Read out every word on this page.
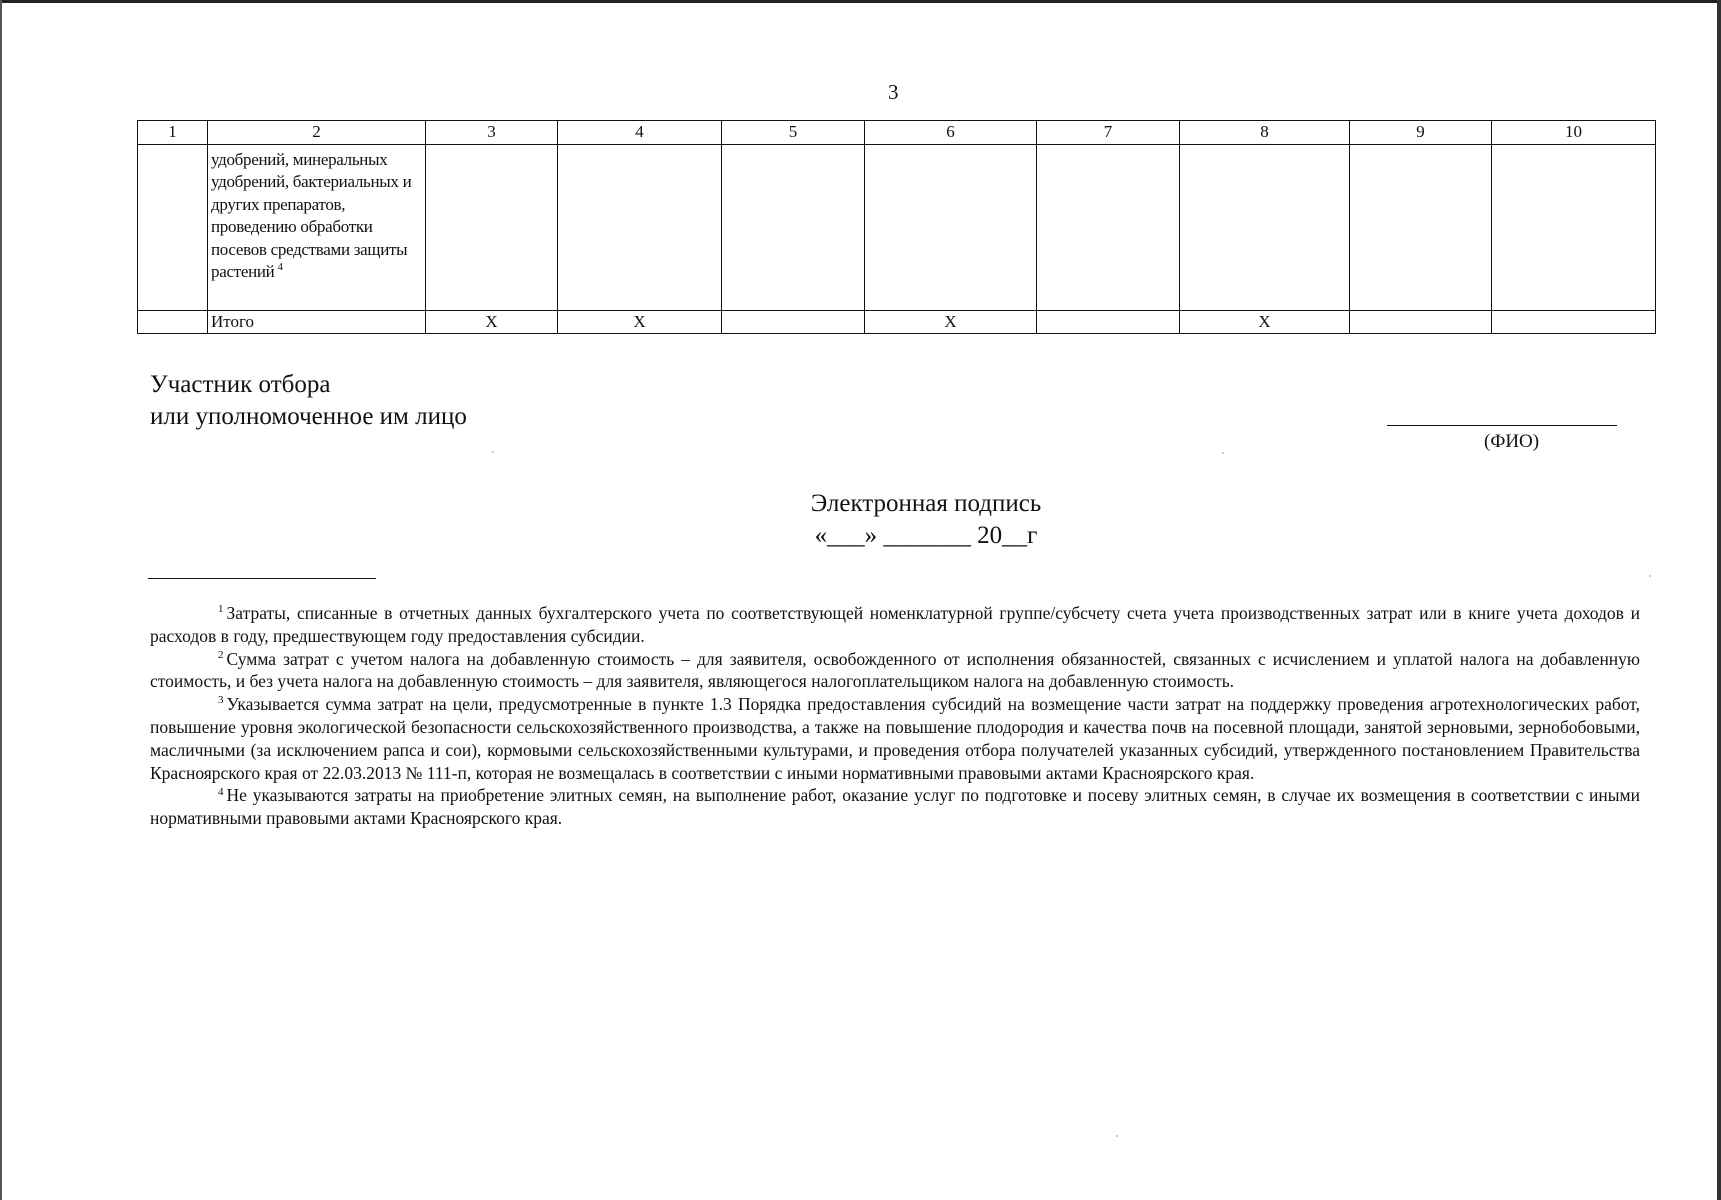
3
1	2	3	4	5	6	7	8	9	10
	удобрений, минеральных удобрений, бактериальных и других препаратов, проведению обработки посевов средствами защиты растений $^4$								
	Итого	X	X		X		X		
Участник отбора
или уполномоченное им лицо
(ФИО)
Электронная подпись
«___» _______ 20__г

$^1$ Затраты, списанные в отчетных данных бухгалтерского учета по соответствующей номенклатурной группе/субсчету счета учета производственных затрат или в книге учета доходов и расходов в году, предшествующем году предоставления субсидии.

$^2$ Сумма затрат с учетом налога на добавленную стоимость – для заявителя, освобожденного от исполнения обязанностей, связанных с исчислением и уплатой налога на добавленную стоимость, и без учета налога на добавленную стоимость – для заявителя, являющегося налогоплательщиком налога на добавленную стоимость.

$^3$ Указывается сумма затрат на цели, предусмотренные в пункте 1.3 Порядка предоставления субсидий на возмещение части затрат на поддержку проведения агротехнологических работ, повышение уровня экологической безопасности сельскохозяйственного производства, а также на повышение плодородия и качества почв на посевной площади, занятой зерновыми, зернобобовыми, масличными (за исключением рапса и сои), кормовыми сельскохозяйственными культурами, и проведения отбора получателей указанных субсидий, утвержденного постановлением Правительства Красноярского края от 22.03.2013 № 111-п, которая не возмещалась в соответствии с иными нормативными правовыми актами Красноярского края.

$^4$ Не указываются затраты на приобретение элитных семян, на выполнение работ, оказание услуг по подготовке и посеву элитных семян, в случае их возмещения в соответствии с иными нормативными правовыми актами Красноярского края.
